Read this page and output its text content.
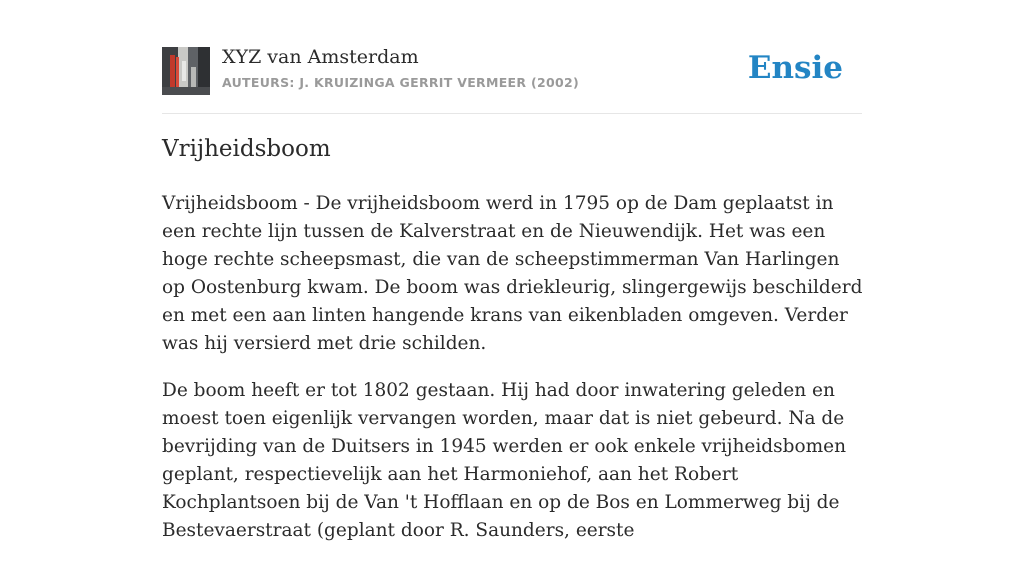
XYZ van Amsterdam
AUTEURS: J. KRUIZINGA GERRIT VERMEER (2002)	Ensie
Vrijheidsboom

Vrijheidsboom - De vrijheidsboom werd in 1795 op de Dam geplaatst in een rechte lijn tussen de Kalverstraat en de Nieuwendijk. Het was een hoge rechte scheepsmast, die van de scheepstimmerman Van Harlingen op Oostenburg kwam. De boom was driekleurig, slingergewijs beschilderd en met een aan linten hangende krans van eikenbladen omgeven. Verder was hij versierd met drie schilden.

De boom heeft er tot 1802 gestaan. Hij had door inwatering geleden en moest toen eigenlijk vervangen worden, maar dat is niet gebeurd. Na de bevrijding van de Duitsers in 1945 werden er ook enkele vrijheidsbomen geplant, respectievelijk aan het Harmoniehof, aan het Robert Kochplantsoen bij de Van 't Hofflaan en op de Bos en Lommerweg bij de Bestevaerstraat (geplant door R. Saunders, eerste
